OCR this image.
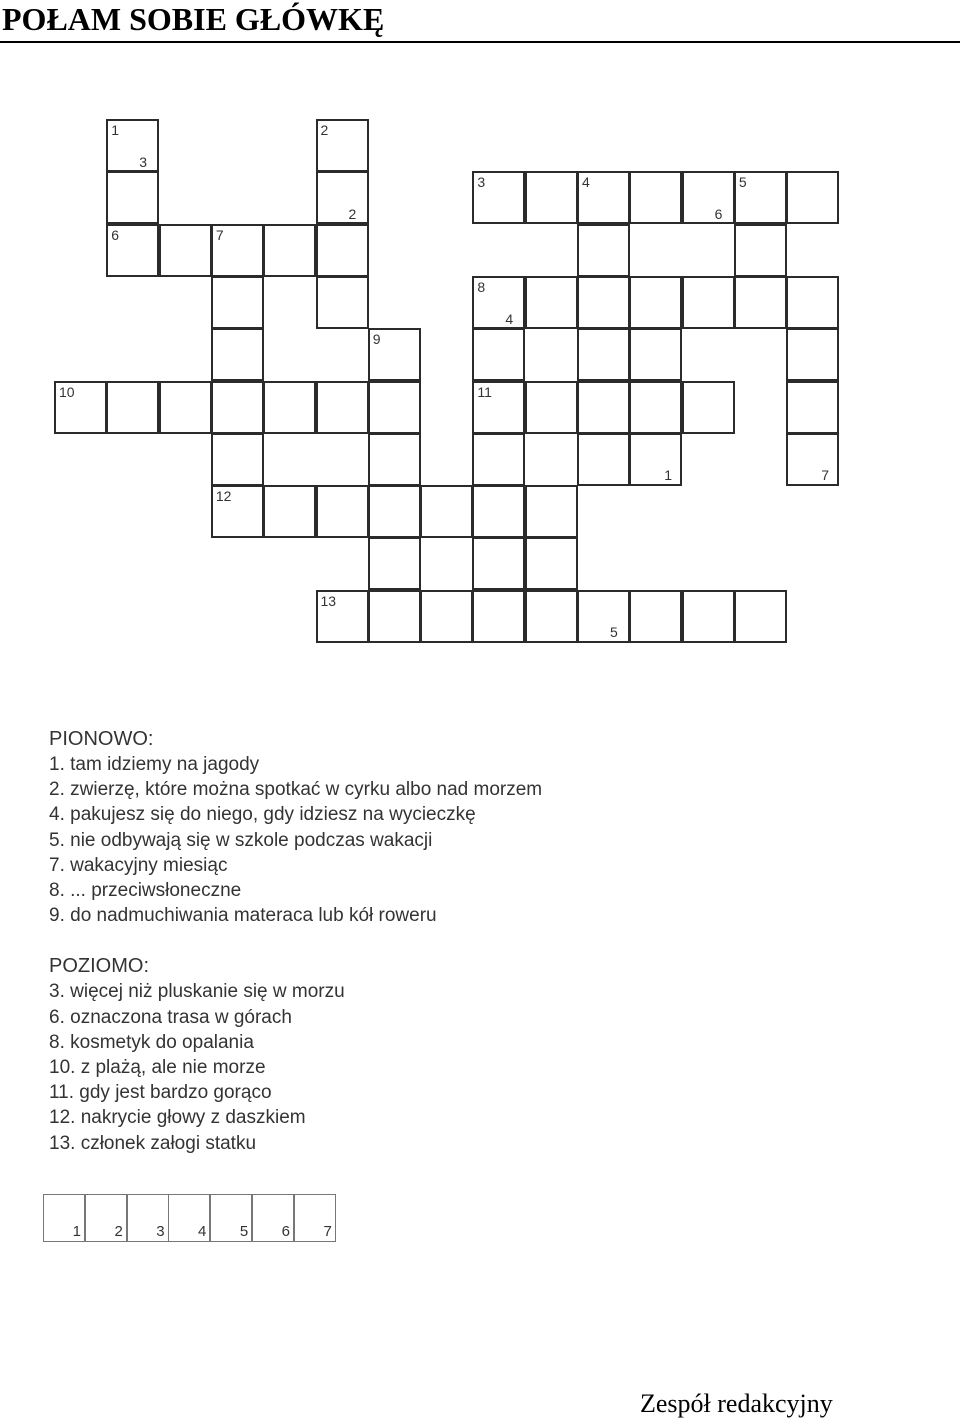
POŁAM SOBIE GŁÓWKĘ
1	2
3	4	5
6	7
8
9
10	11
12
13
3
2	6
4
1	7
5
PIONOWO:
1. tam idziemy na jagody
2. zwierzę, które można spotkać w cyrku albo nad morzem
4. pakujesz się do niego, gdy idziesz na wycieczkę
5. nie odbywają się w szkole podczas wakacji
7. wakacyjny miesiąc
8. ... przeciwsłoneczne
9. do nadmuchiwania materaca lub kół roweru
POZIOMO:
3. więcej niż pluskanie się w morzu
6. oznaczona trasa w górach
8. kosmetyk do opalania
10. z plażą, ale nie morze
11. gdy jest bardzo gorąco
12. nakrycie głowy z daszkiem
13. członek załogi statku
1 2 3 4 5 6 7
Zespół redakcyjny
